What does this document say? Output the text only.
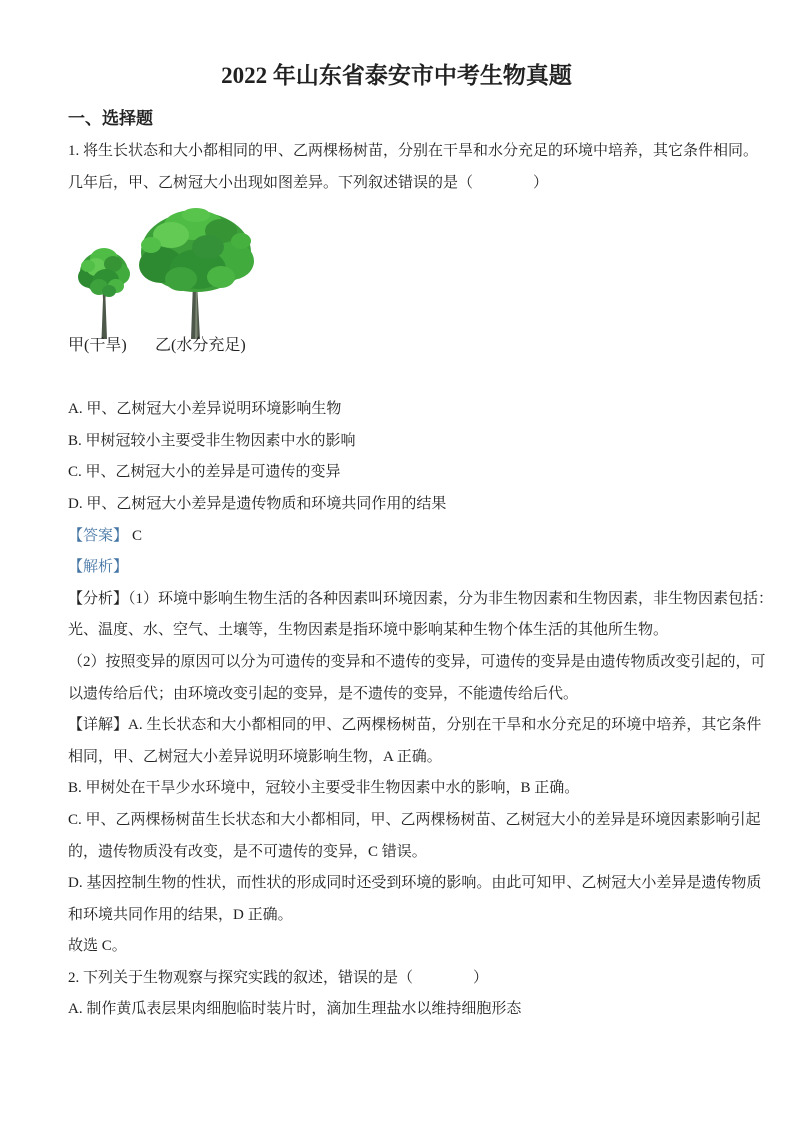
2022 年山东省泰安市中考生物真题
一、选择题
1. 将生长状态和大小都相同的甲、乙两棵杨树苗，分别在干旱和水分充足的环境中培养，其它条件相同。
几年后，甲、乙树冠大小出现如图差异。下列叙述错误的是（　　　　）
甲(干旱) 乙(水分充足)
A. 甲、乙树冠大小差异说明环境影响生物
B. 甲树冠较小主要受非生物因素中水的影响
C. 甲、乙树冠大小的差异是可遗传的变异
D. 甲、乙树冠大小差异是遗传物质和环境共同作用的结果
【答案】 C
【解析】
【分析】（1）环境中影响生物生活的各种因素叫环境因素，分为非生物因素和生物因素，非生物因素包括：
光、温度、水、空气、土壤等，生物因素是指环境中影响某种生物个体生活的其他所生物。
（2）按照变异的原因可以分为可遗传的变异和不遗传的变异，可遗传的变异是由遗传物质改变引起的，可
以遗传给后代；由环境改变引起的变异，是不遗传的变异，不能遗传给后代。
【详解】A. 生长状态和大小都相同的甲、乙两棵杨树苗，分别在干旱和水分充足的环境中培养，其它条件
相同，甲、乙树冠大小差异说明环境影响生物，A 正确。
B. 甲树处在干旱少水环境中，冠较小主要受非生物因素中水的影响，B 正确。
C. 甲、乙两棵杨树苗生长状态和大小都相同，甲、乙两棵杨树苗、乙树冠大小的差异是环境因素影响引起
的，遗传物质没有改变，是不可遗传的变异，C 错误。
D. 基因控制生物的性状，而性状的形成同时还受到环境的影响。由此可知甲、乙树冠大小差异是遗传物质
和环境共同作用的结果，D 正确。
故选 C。
2. 下列关于生物观察与探究实践的叙述，错误的是（　　　　）
A. 制作黄瓜表层果肉细胞临时装片时，滴加生理盐水以维持细胞形态
